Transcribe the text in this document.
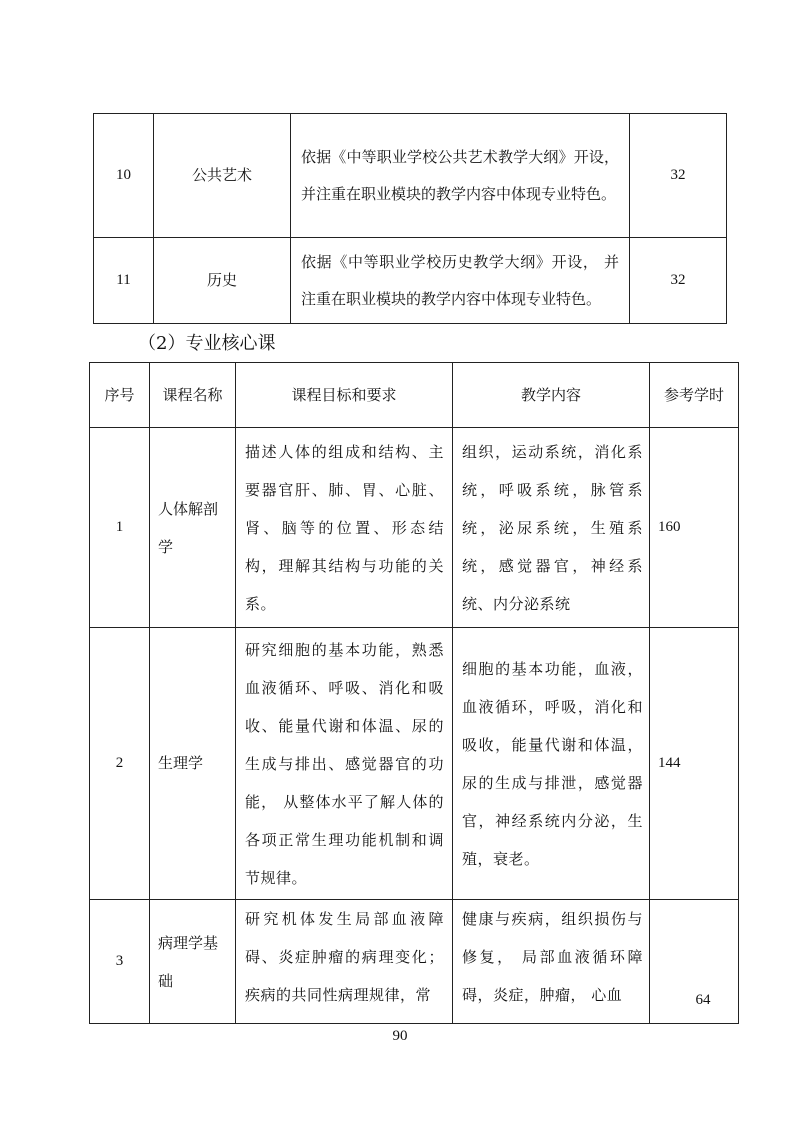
10	公共艺术	依据《中等职业学校公共艺术教学大纲》开设，并注重在职业模块的教学内容中体现专业特色。	32
11	历史	依据《中等职业学校历史教学大纲》开设， 并注重在职业模块的教学内容中体现专业特色。	32
（2）专业核心课
序号	课程名称	课程目标和要求	教学内容	参考学时
1	人体解剖学	描述人体的组成和结构、主要器官肝、肺、胃、心脏、肾、脑等的位置、形态结构，理解其结构与功能的关系。	组织，运动系统，消化系统，呼吸系统，脉管系统，泌尿系统，生殖系统，感觉器官，神经系统、内分泌系统	160
2	生理学	研究细胞的基本功能，熟悉血液循环、呼吸、消化和吸收、能量代谢和体温、尿的生成与排出、感觉器官的功能， 从整体水平了解人体的各项正常生理功能机制和调节规律。	细胞的基本功能，血液，血液循环，呼吸，消化和吸收，能量代谢和体温，尿的生成与排泄，感觉器官，神经系统内分泌，生殖，衰老。	144
3	病理学基础	研究机体发生局部血液障碍、炎症肿瘤的病理变化；疾病的共同性病理规律，常	健康与疾病，组织损伤与修复， 局部血液循环障碍，炎症，肿瘤， 心血	64
90
